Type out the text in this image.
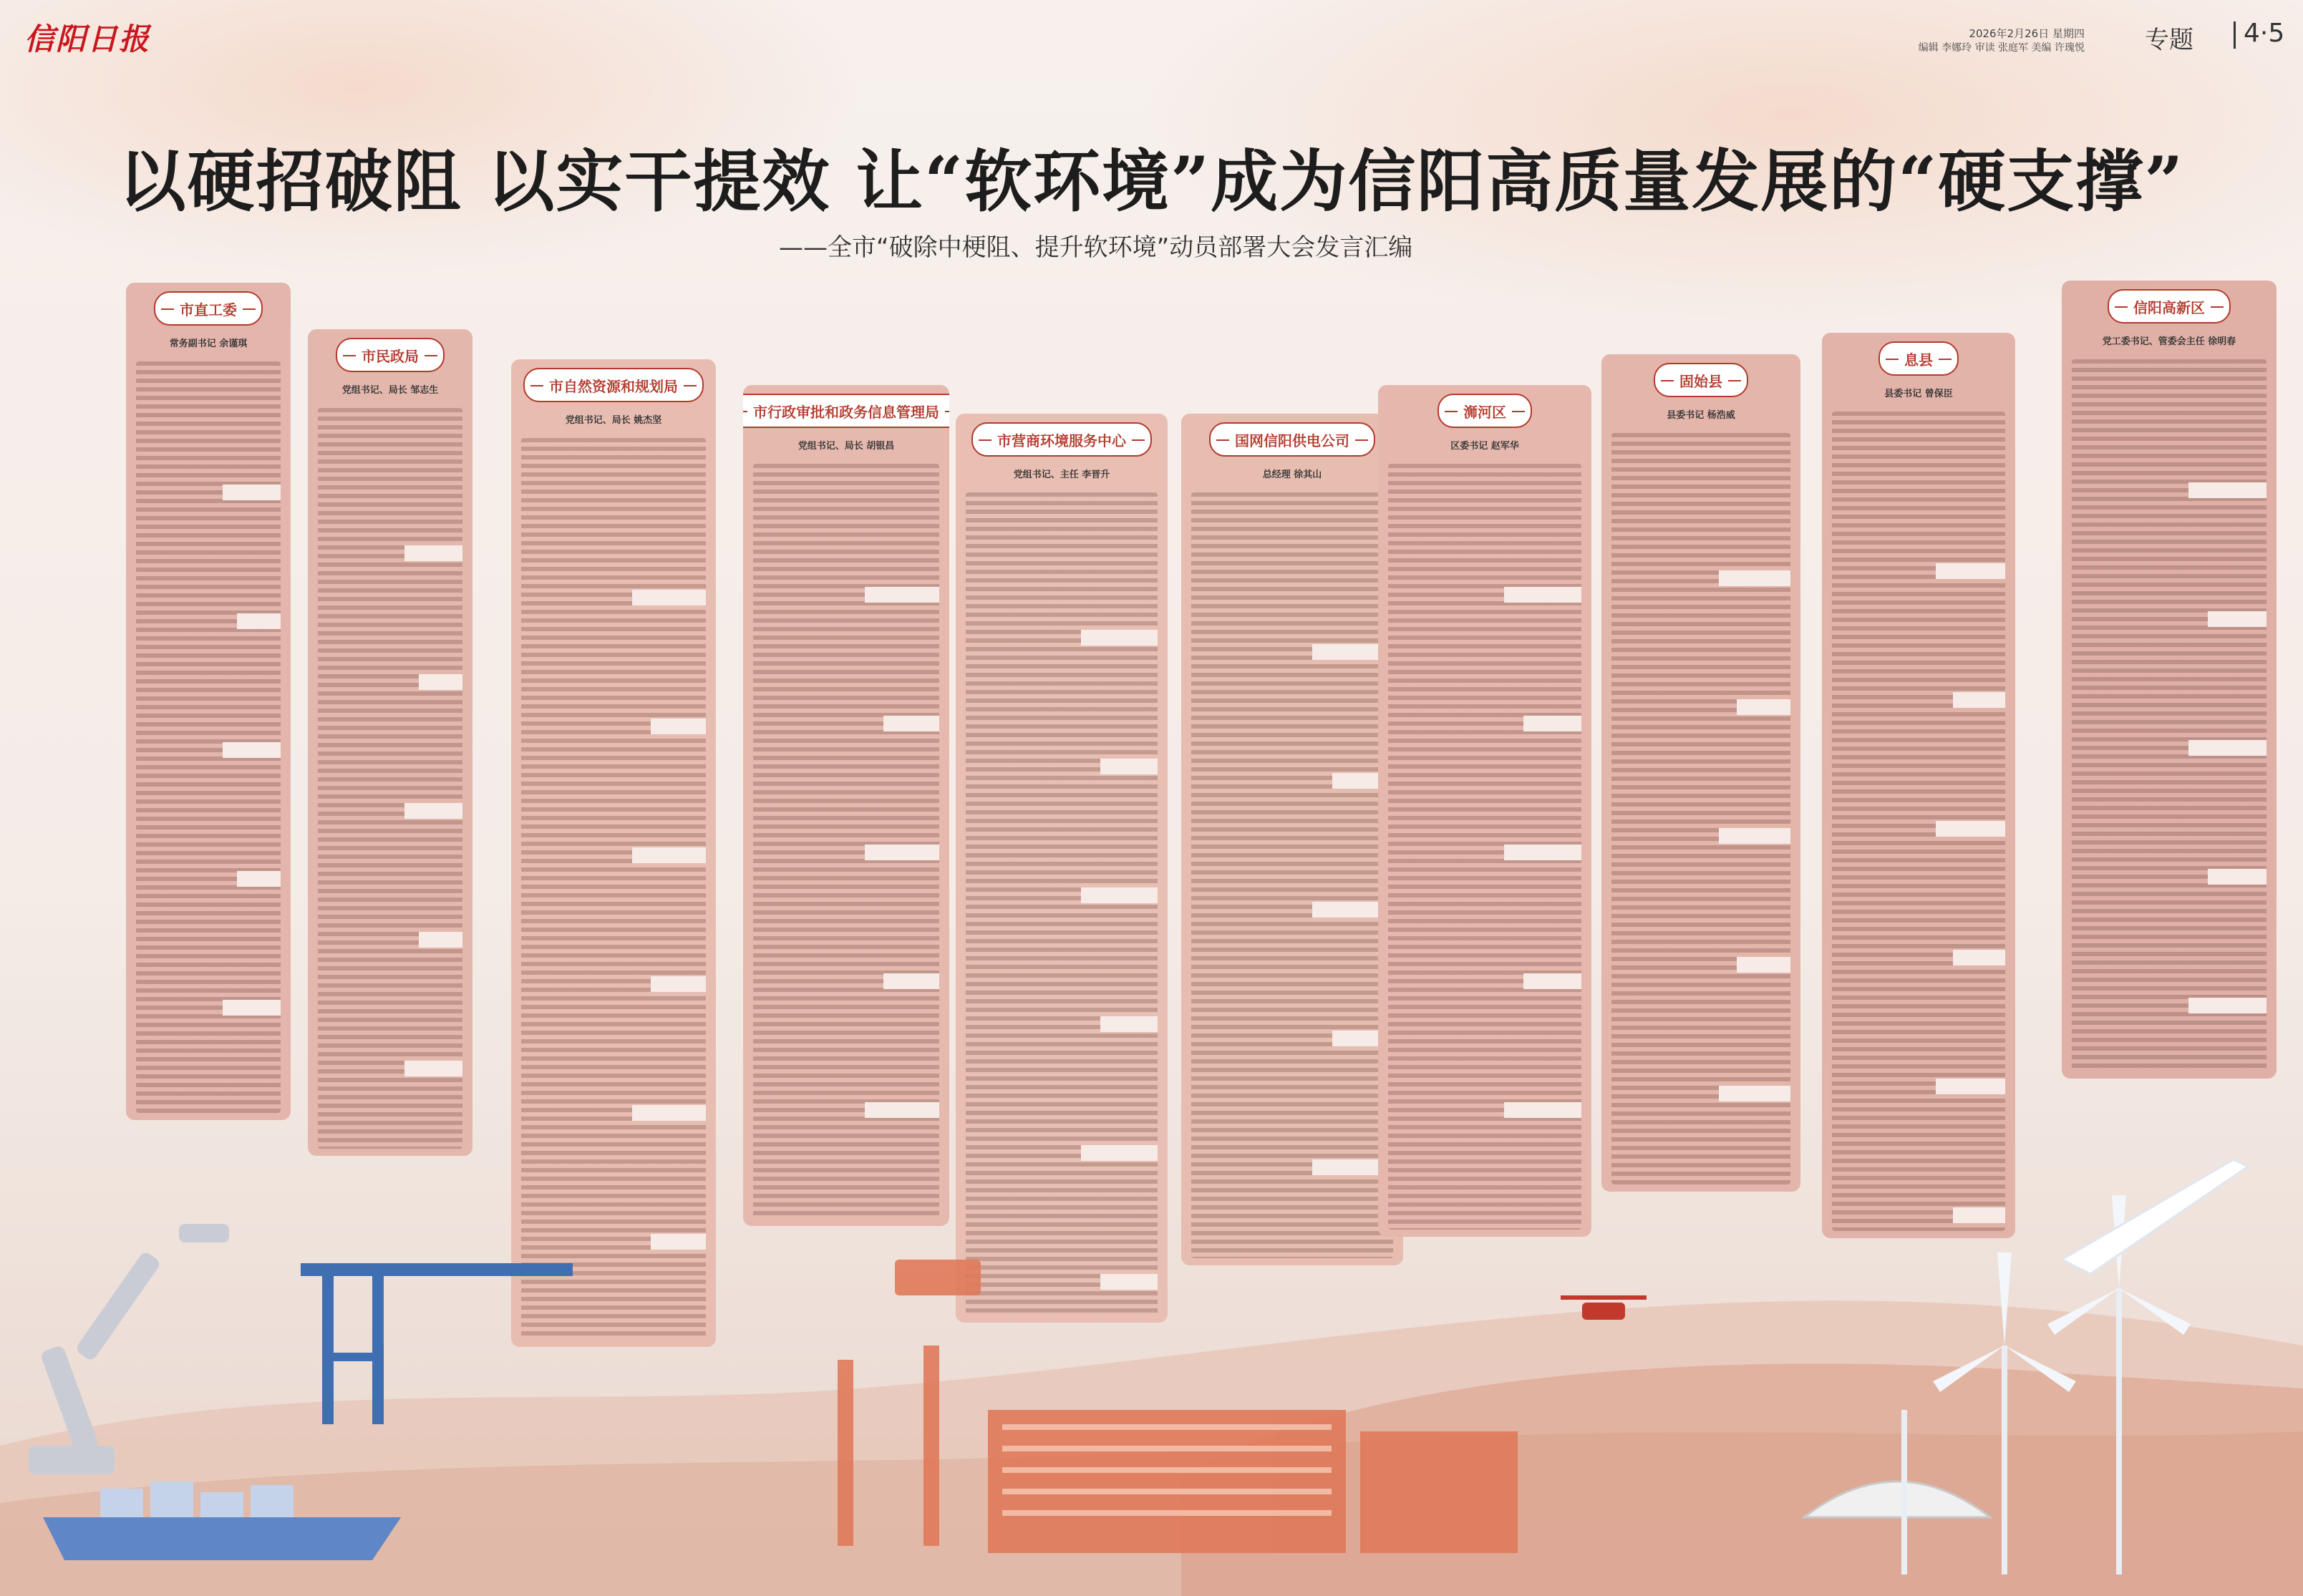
信阳日报	2026年2月26日 星期四
编辑 李娜玲 审读 张庭军 美编 许瑰悦 专题 4·5
以硬招破阻 以实干提效 让“软环境”成为信阳高质量发展的“硬支撑”
——全市“破除中梗阻、提升软环境”动员部署大会发言汇编
市直工委
常务副书记 余谨琪
市民政局
党组书记、局长 邹志生	市自然资源和规划局
党组书记、局长 姚杰坚	市行政审批和政务信息管理局
党组书记、局长 胡银昌	市营商环境服务中心
党组书记、主任 李晋升
国网信阳供电公司
总经理 徐其山
浉河区
区委书记 赵军华
固始县
县委书记 杨浩威
息县
县委书记 曾保臣
信阳高新区
党工委书记、管委会主任 徐明春
